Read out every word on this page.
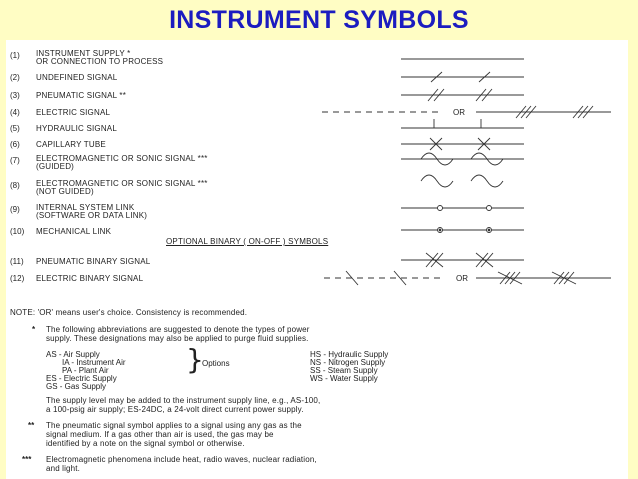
INSTRUMENT SYMBOLS
(1) INSTRUMENT SUPPLY *
OR CONNECTION TO PROCESS
(2) UNDEFINED SIGNAL
(3) PNEUMATIC SIGNAL **
(4) ELECTRIC SIGNAL
(5) HYDRAULIC SIGNAL
(6) CAPILLARY TUBE
(7) ELECTROMAGNETIC OR SONIC SIGNAL ***
(GUIDED)
(8) ELECTROMAGNETIC OR SONIC SIGNAL ***
(NOT GUIDED)
(9) INTERNAL SYSTEM LINK
(SOFTWARE OR DATA LINK)
(10) MECHANICAL LINK
OPTIONAL BINARY ( ON-OFF ) SYMBOLS
(11) PNEUMATIC BINARY SIGNAL
(12) ELECTRIC BINARY SIGNAL
OR
OR
NOTE: 'OR' means user's choice. Consistency is recommended.
* The following abbreviations are suggested to denote the types of power
supply. These designations may also be applied to purge fluid supplies.
AS - Air Supply
IA - Instrument Air
PA - Plant Air
ES - Electric Supply
GS - Gas Supply
}
Options
HS - Hydraulic Supply
NS - Nitrogen Supply
SS - Steam Supply
WS - Water Supply
The supply level may be added to the instrument supply line, e.g., AS-100,
a 100-psig air supply; ES-24DC, a 24-volt direct current power supply.
** The pneumatic signal symbol applies to a signal using any gas as the
signal medium. If a gas other than air is used, the gas may be
identified by a note on the signal symbol or otherwise.
*** Electromagnetic phenomena include heat, radio waves, nuclear radiation,
and light.
